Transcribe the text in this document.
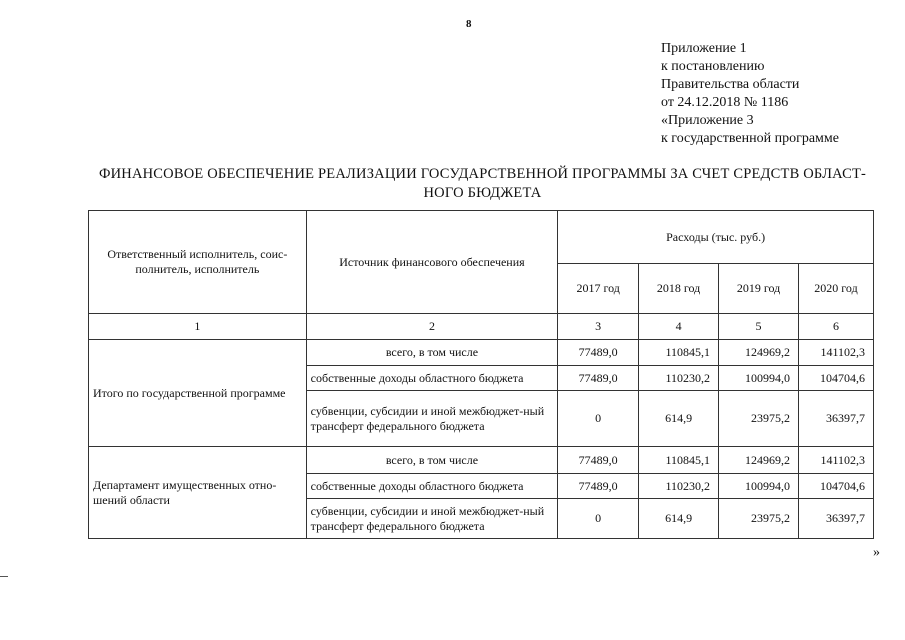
8
Приложение 1
к постановлению
Правительства области
от 24.12.2018 № 1186
«Приложение 3
к государственной программе
ФИНАНСОВОЕ ОБЕСПЕЧЕНИЕ РЕАЛИЗАЦИИ ГОСУДАРСТВЕННОЙ ПРОГРАММЫ ЗА СЧЕТ СРЕДСТВ ОБЛАСТ-
НОГО БЮДЖЕТА
Ответственный исполнитель, соис-полнитель, исполнитель	Источник финансового обеспечения	Расходы (тыс. руб.)			
		2017 год	2018 год	2019 год	2020 год
1	2	3	4	5	6
Итого по государственной программе	всего, в том числе	77489,0	110845,1	124969,2	141102,3
	собственные доходы областного бюджета	77489,0	110230,2	100994,0	104704,6
	субвенции, субсидии и иной межбюджет-ный трансферт федерального бюджета	0	614,9	23975,2	36397,7
Департамент имущественных отно-шений области	всего, в том числе	77489,0	110845,1	124969,2	141102,3
	собственные доходы областного бюджета	77489,0	110230,2	100994,0	104704,6
	субвенции, субсидии и иной межбюджет-ный трансферт федерального бюджета	0	614,9	23975,2	36397,7
»
